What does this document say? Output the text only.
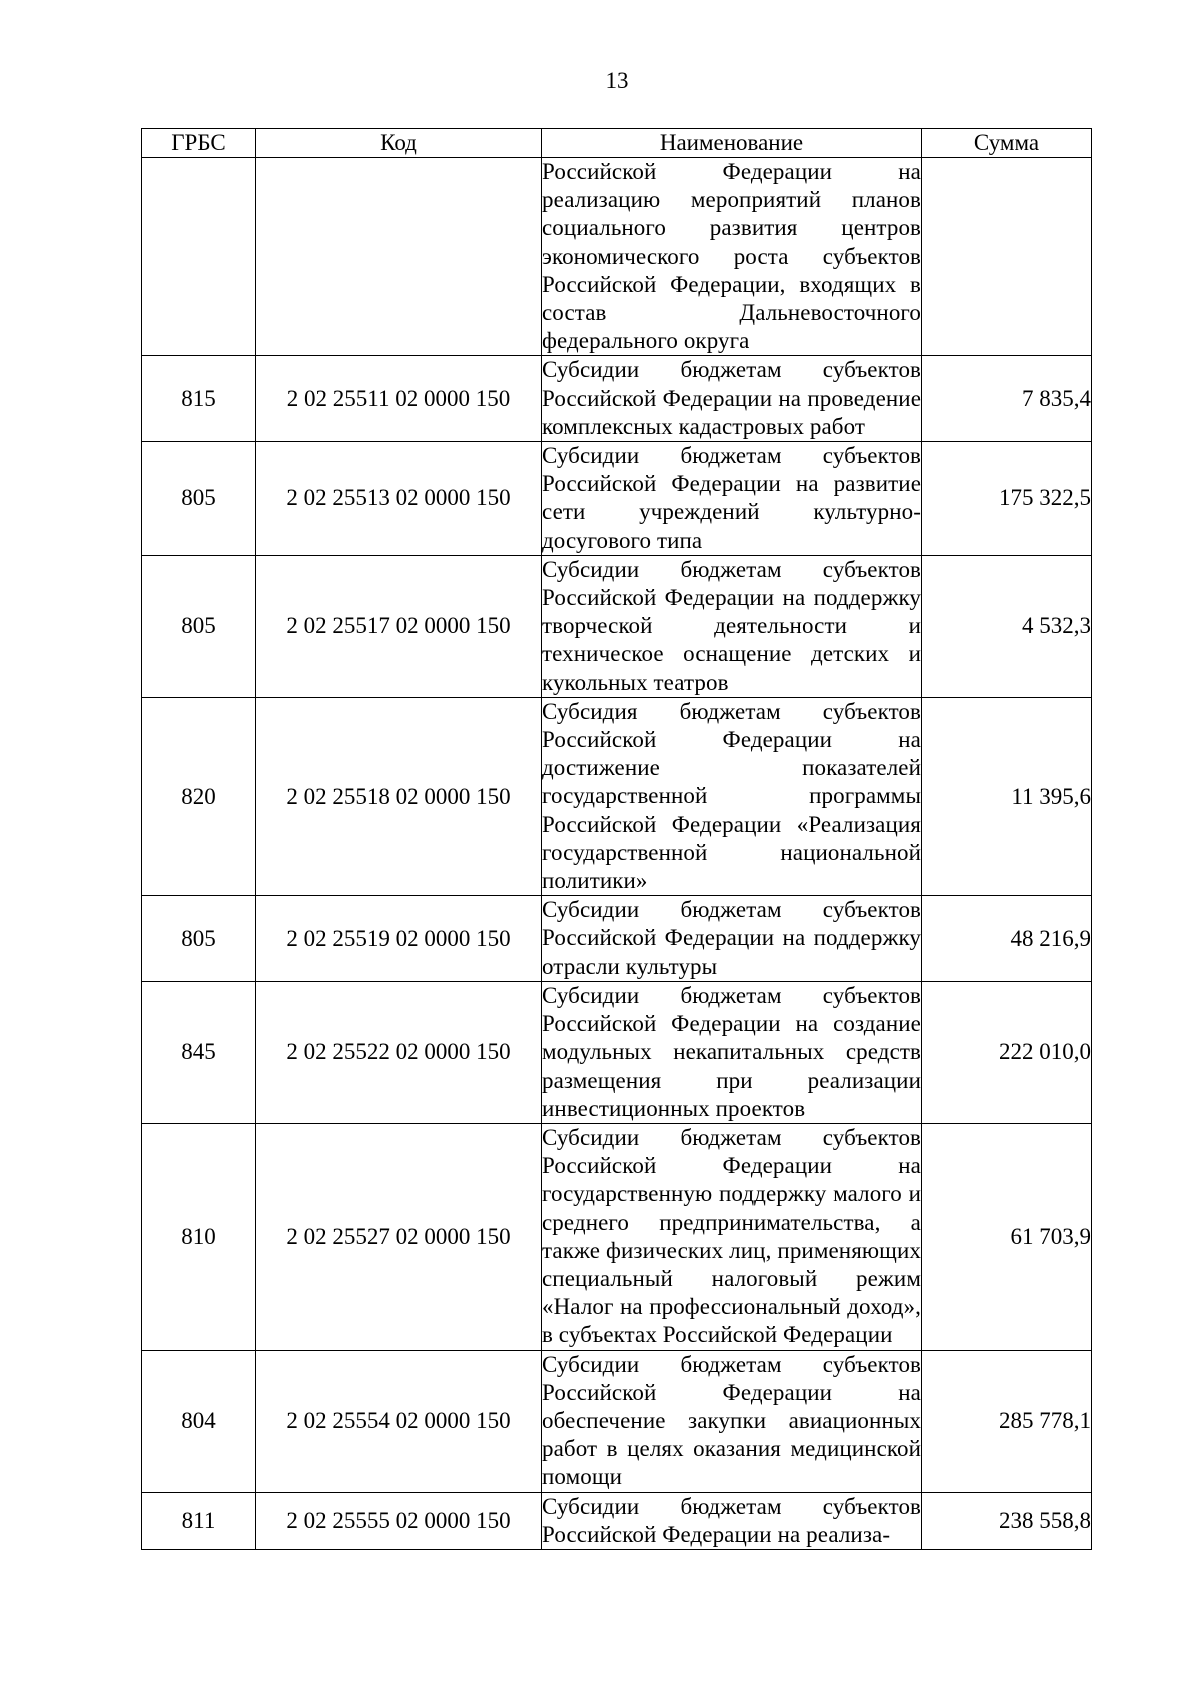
13
ГРБС	Код	Наименование	Сумма
		Российской Федерации на реализацию мероприятий планов социального развития центров экономического роста субъектов Российской Федерации, входящих в состав Дальневосточного федерального округа	
815	2 02 25511 02 0000 150	Субсидии бюджетам субъектов Российской Федерации на проведение комплексных кадастровых работ	7 835,4
805	2 02 25513 02 0000 150	Субсидии бюджетам субъектов Российской Федерации на развитие сети учреждений культурно-досугового типа	175 322,5
805	2 02 25517 02 0000 150	Субсидии бюджетам субъектов Российской Федерации на поддержку творческой деятельности и техническое оснащение детских и кукольных театров	4 532,3
820	2 02 25518 02 0000 150	Субсидия бюджетам субъектов Российской Федерации на достижение показателей государственной программы Российской Федерации «Реализация государственной национальной политики»	11 395,6
805	2 02 25519 02 0000 150	Субсидии бюджетам субъектов Российской Федерации на поддержку отрасли культуры	48 216,9
845	2 02 25522 02 0000 150	Субсидии бюджетам субъектов Российской Федерации на создание модульных некапитальных средств размещения при реализации инвестиционных проектов	222 010,0
810	2 02 25527 02 0000 150	Субсидии бюджетам субъектов Российской Федерации на государственную поддержку малого и среднего предпринимательства, а также физических лиц, применяющих специальный налоговый режим «Налог на профессиональный доход», в субъектах Российской Федерации	61 703,9
804	2 02 25554 02 0000 150	Субсидии бюджетам субъектов Российской Федерации на обеспечение закупки авиационных работ в целях оказания медицинской помощи	285 778,1
811	2 02 25555 02 0000 150	Субсидии бюджетам субъектов Российской Федерации на реализа-	238 558,8
